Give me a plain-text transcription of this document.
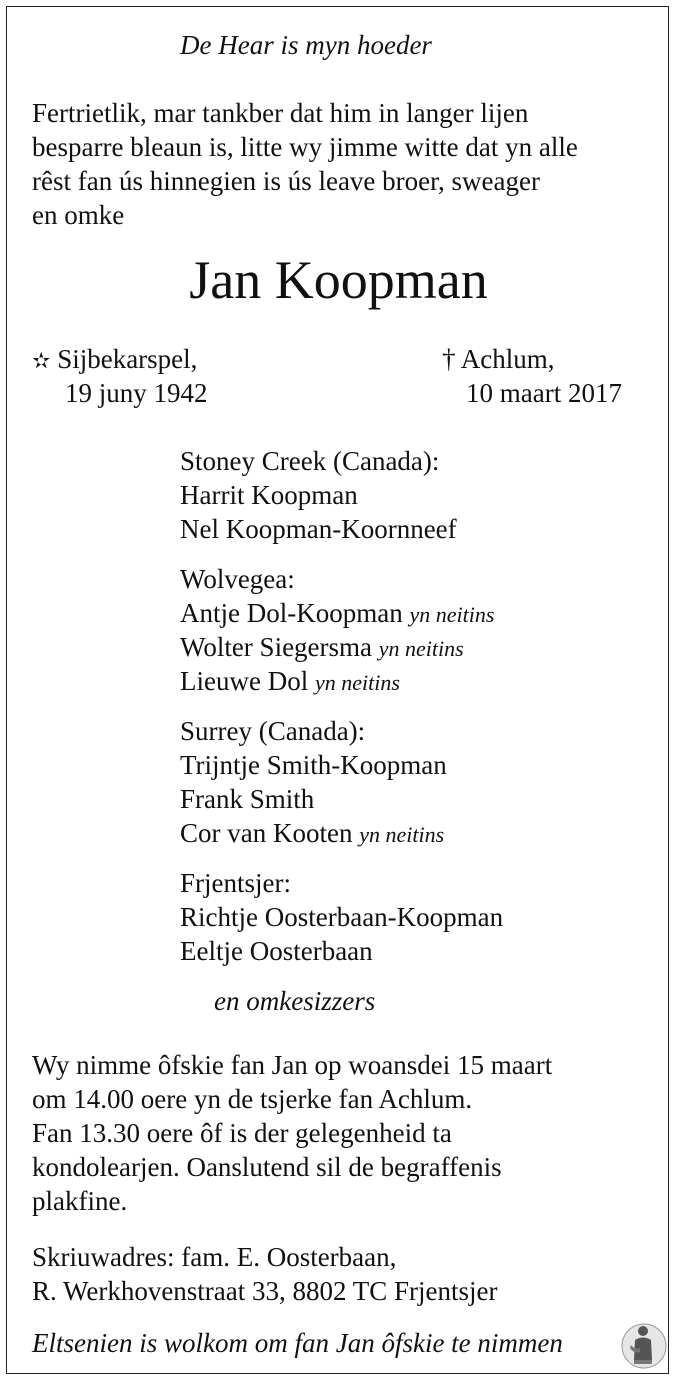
De Hear is myn hoeder
Fertrietlik, mar tankber dat him in langer lijen
besparre bleaun is, litte wy jimme witte dat yn alle
rêst fan ús hinnegien is ús leave broer, sweager
en omke
Jan Koopman
✫ Sijbekarspel,
19 juny 1942
† Achlum,
10 maart 2017
Stoney Creek (Canada):
Harrit Koopman
Nel Koopman-Koornneef
Wolvegea:
Antje Dol-Koopman yn neitins
Wolter Siegersma yn neitins
Lieuwe Dol yn neitins
Surrey (Canada):
Trijntje Smith-Koopman
Frank Smith
Cor van Kooten yn neitins
Frjentsjer:
Richtje Oosterbaan-Koopman
Eeltje Oosterbaan
en omkesizzers
Wy nimme ôfskie fan Jan op woansdei 15 maart
om 14.00 oere yn de tsjerke fan Achlum.
Fan 13.30 oere ôf is der gelegenheid ta
kondolearjen. Oanslutend sil de begraffenis
plakfine.
Skriuwadres: fam. E. Oosterbaan,
R. Werkhovenstraat 33, 8802 TC Frjentsjer
Eltsenien is wolkom om fan Jan ôfskie te nimmen
